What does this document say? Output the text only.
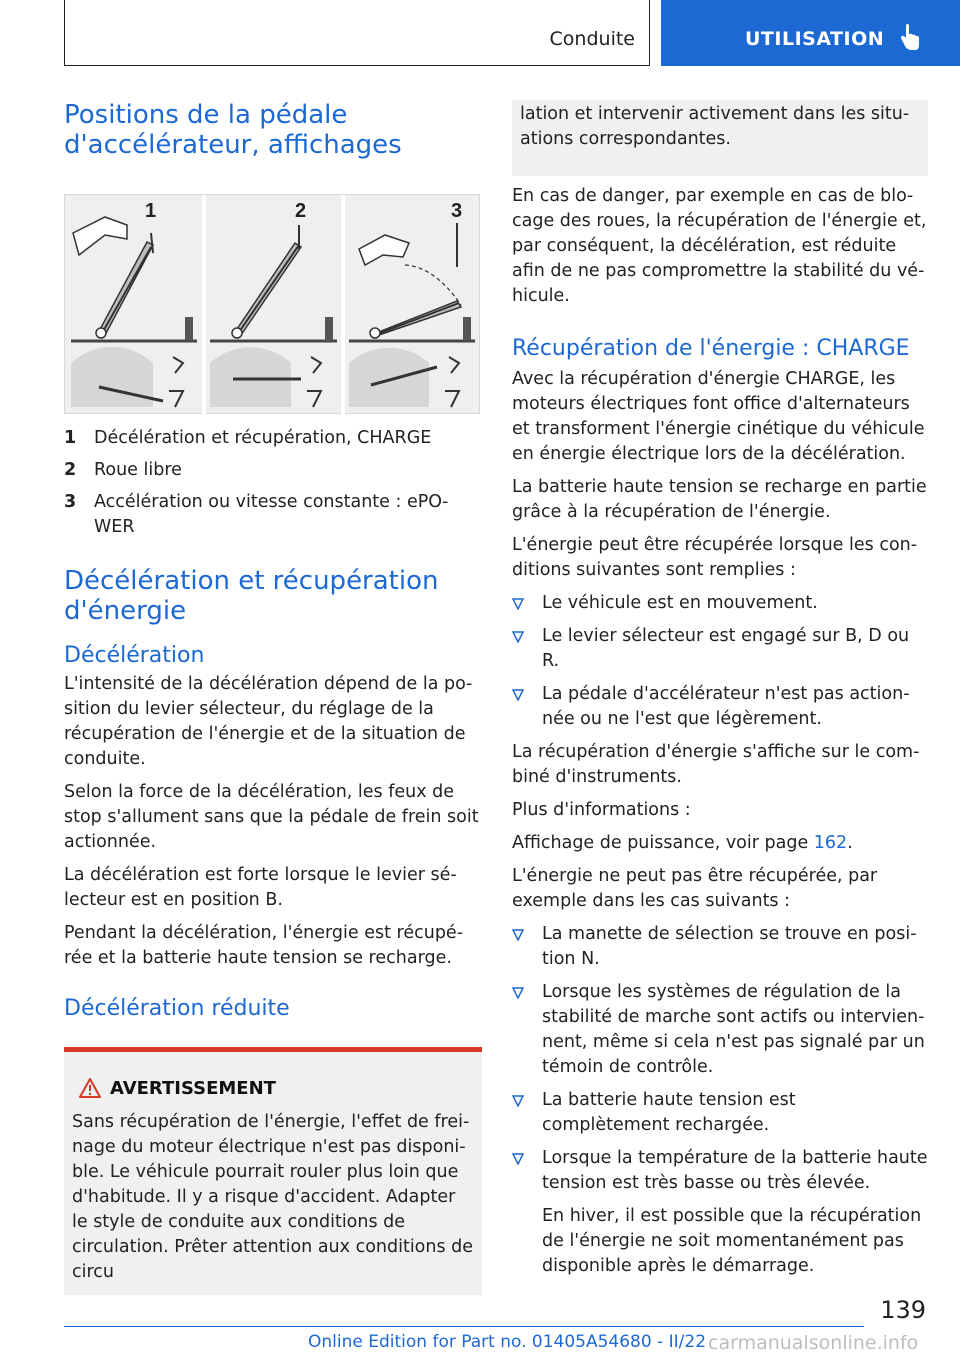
Conduite	UTILISATION
Positions de la pédale d'accélérateur, affichages
1	2	3
1 Décélération et récupération, CHARGE
2 Roue libre
3 Accélération ou vitesse constante : ePOWER
Décélération et récupération d'énergie
Décélération

L'intensité de la décélération dépend de la position du levier sélecteur, du réglage de la récupération de l'énergie et de la situation de conduite.

Selon la force de la décélération, les feux de stop s'allument sans que la pédale de frein soit actionnée.

La décélération est forte lorsque le levier sélecteur est en position B.

Pendant la décélération, l'énergie est récupérée et la batterie haute tension se recharge.

Décélération réduite
AVERTISSEMENT

Sans récupération de l'énergie, l'effet de freinage du moteur électrique n'est pas disponible. Le véhicule pourrait rouler plus loin que d'habitude. Il y a risque d'accident. Adapter le style de conduite aux conditions de circulation. Prêter attention aux conditions de circu

lation et intervenir activement dans les situations correspondantes.

En cas de danger, par exemple en cas de blocage des roues, la récupération de l'énergie et, par conséquent, la décélération, est réduite afin de ne pas compromettre la stabilité du véhicule.

Récupération de l'énergie : CHARGE

Avec la récupération d'énergie CHARGE, les moteurs électriques font office d'alternateurs et transforment l'énergie cinétique du véhicule en énergie électrique lors de la décélération.

La batterie haute tension se recharge en partie grâce à la récupération de l'énergie.

L'énergie peut être récupérée lorsque les conditions suivantes sont remplies :

Le véhicule est en mouvement.
Le levier sélecteur est engagé sur B, D ou R.
La pédale d'accélérateur n'est pas actionnée ou ne l'est que légèrement.

La récupération d'énergie s'affiche sur le combiné d'instruments.

Plus d'informations :

Affichage de puissance, voir page 162.

L'énergie ne peut pas être récupérée, par exemple dans les cas suivants :

La manette de sélection se trouve en position N.
Lorsque les systèmes de régulation de la stabilité de marche sont actifs ou interviennent, même si cela n'est pas signalé par un témoin de contrôle.
La batterie haute tension est complètement rechargée.
Lorsque la température de la batterie haute tension est très basse ou très élevée.

En hiver, il est possible que la récupération de l'énergie ne soit momentanément pas disponible après le démarrage.

139
Online Edition for Part no. 01405A54680 - II/22 carmanualsonline.info
